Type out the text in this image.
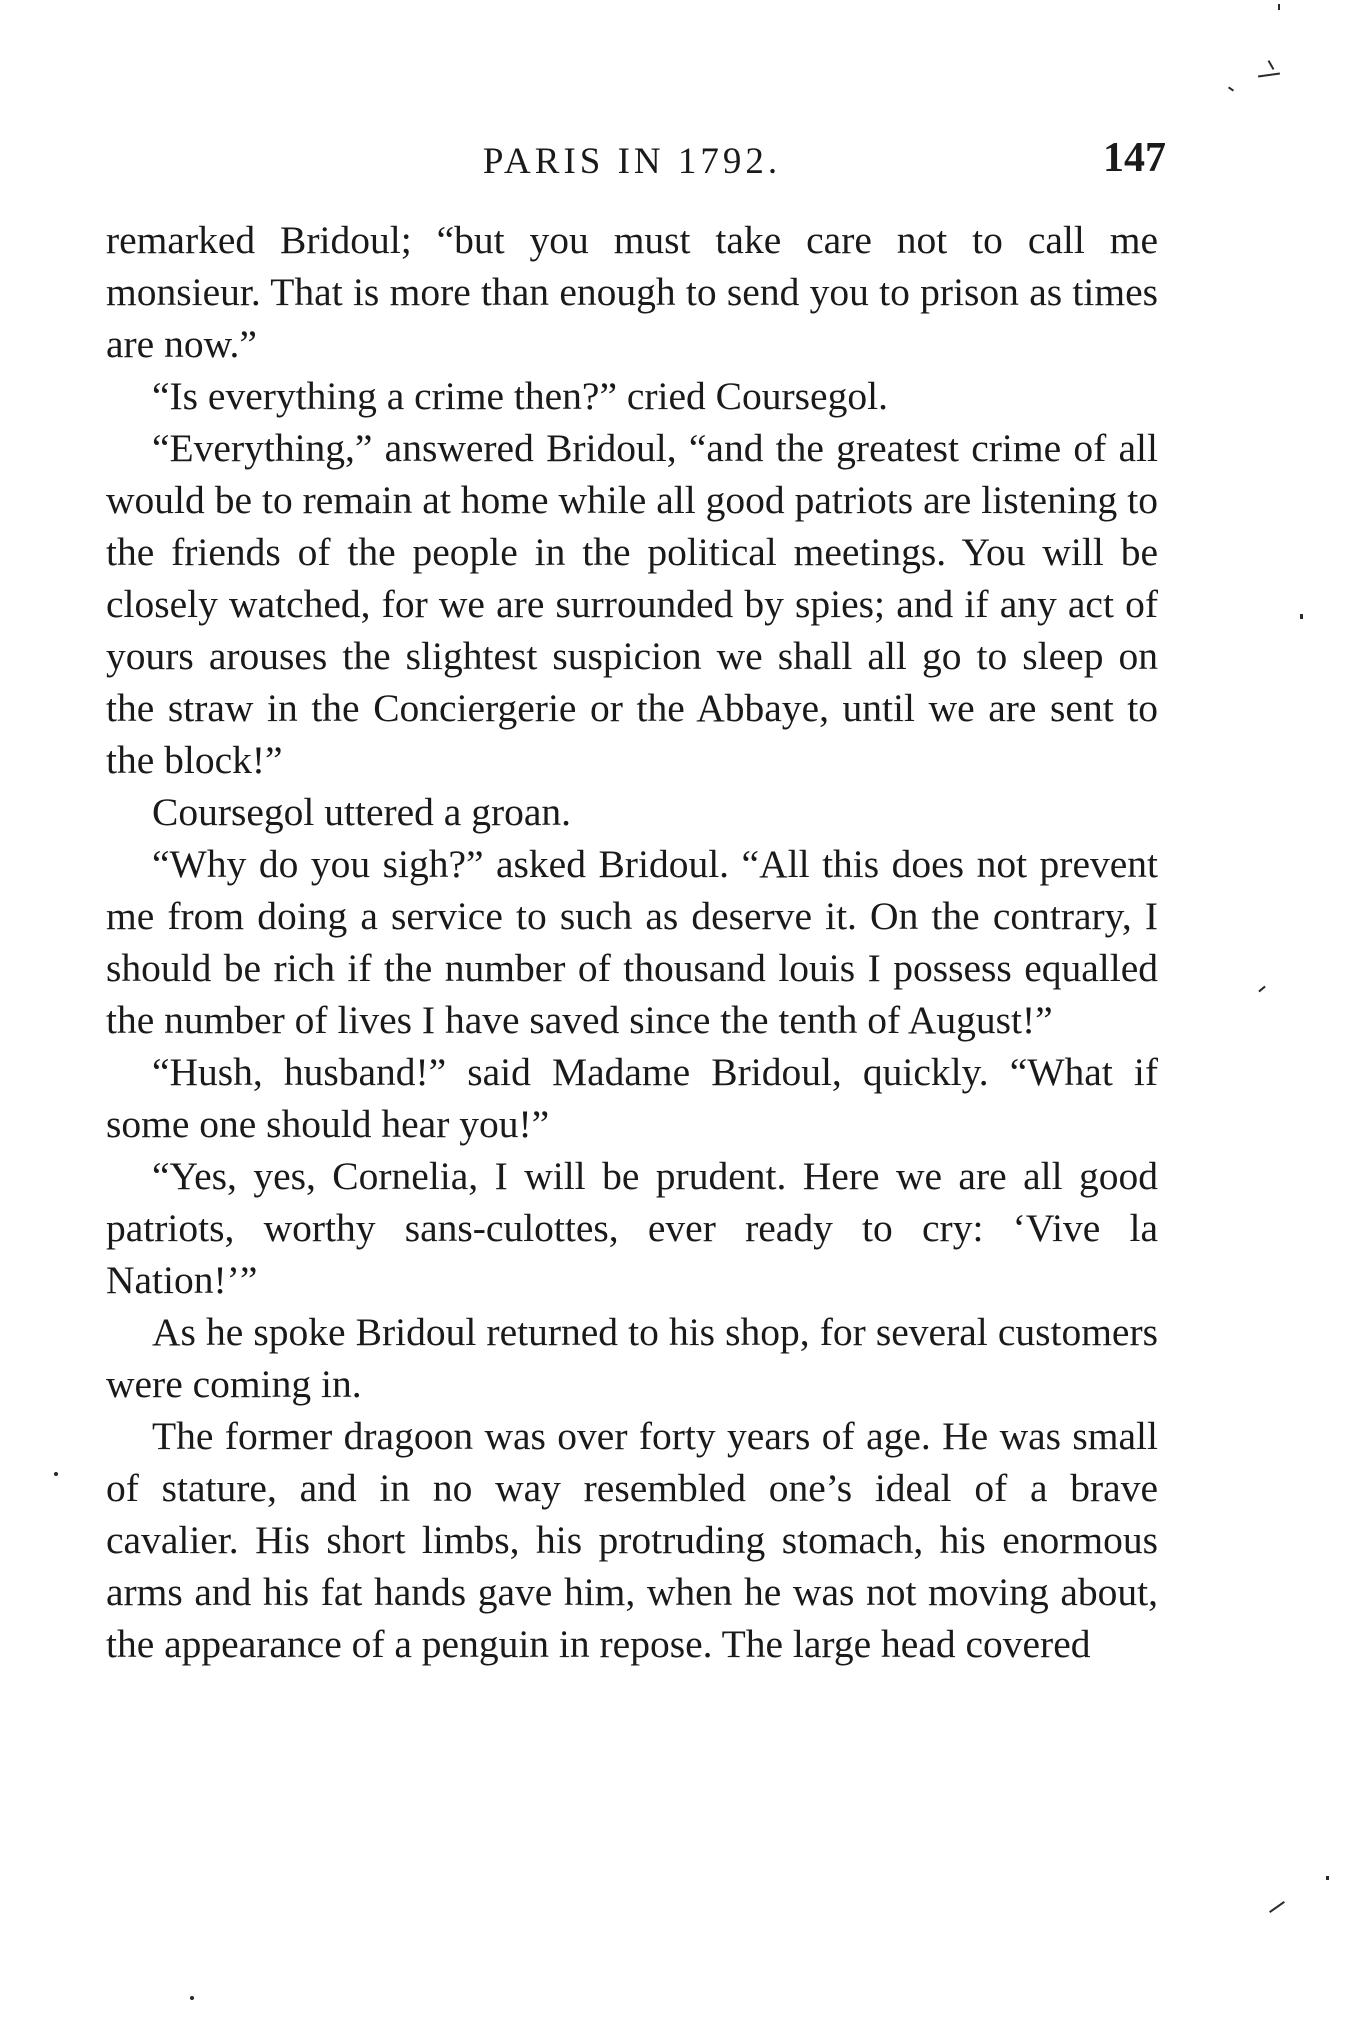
PARIS IN 1792.	147

remarked Bridoul; “but you must take care not to call me monsieur. That is more than enough to send you to prison as times are now.”

“Is everything a crime then?” cried Coursegol.

“Everything,” answered Bridoul, “and the greatest crime of all would be to remain at home while all good patriots are listening to the friends of the people in the political meetings. You will be closely watched, for we are surrounded by spies; and if any act of yours arouses the slightest suspicion we shall all go to sleep on the straw in the Conciergerie or the Abbaye, until we are sent to the block!”

Coursegol uttered a groan.

“Why do you sigh?” asked Bridoul. “All this does not prevent me from doing a service to such as deserve it. On the contrary, I should be rich if the number of thousand louis I possess equalled the number of lives I have saved since the tenth of August!”

“Hush, husband!” said Madame Bridoul, quickly. “What if some one should hear you!”

“Yes, yes, Cornelia, I will be prudent. Here we are all good patriots, worthy sans-culottes, ever ready to cry: ‘Vive la Nation!’”

As he spoke Bridoul returned to his shop, for several customers were coming in.

The former dragoon was over forty years of age. He was small of stature, and in no way resembled one’s ideal of a brave cavalier. His short limbs, his protruding stomach, his enormous arms and his fat hands gave him, when he was not moving about, the appearance of a penguin in repose. The large head covered
